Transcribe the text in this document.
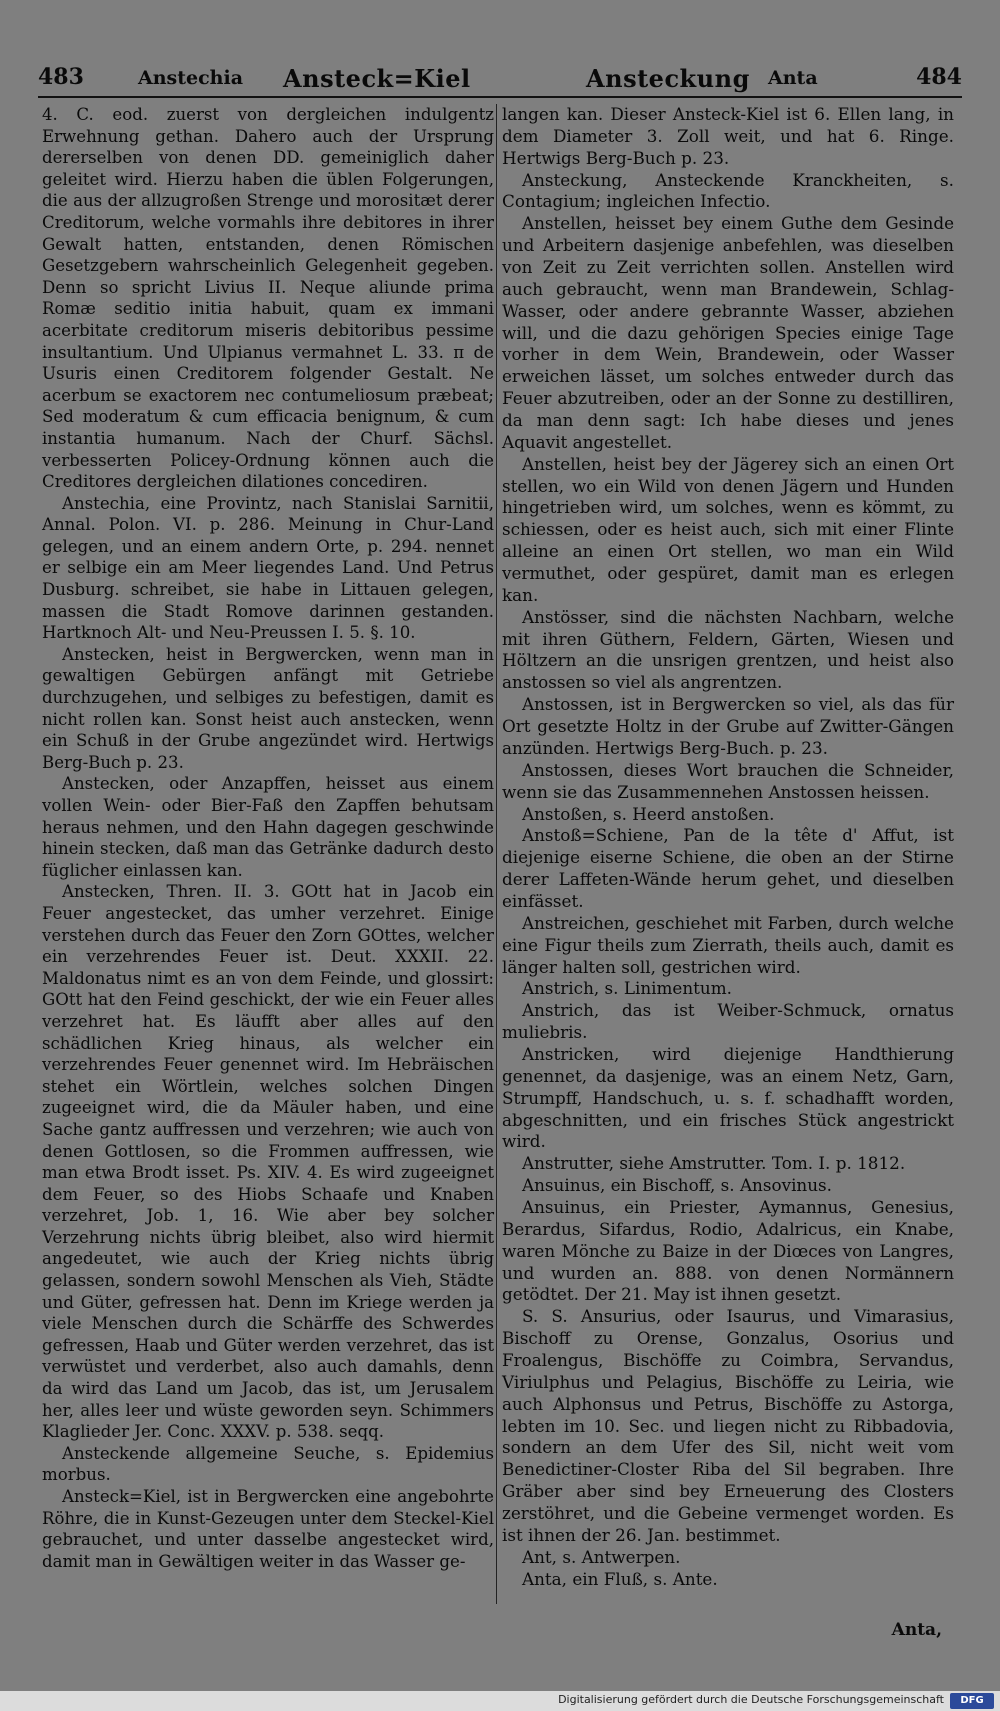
483	Anstechia Ansteck=Kiel	Ansteckung Anta	484

4. C. eod. zuerst von dergleichen indulgentz Erwehnung gethan. Dahero auch der Ursprung dererselben von denen DD. gemeiniglich daher geleitet wird. Hierzu haben die üblen Folgerungen, die aus der allzugroßen Strenge und morositæt derer Creditorum, welche vormahls ihre debitores in ihrer Gewalt hatten, entstanden, denen Römischen Gesetzgebern wahrscheinlich Gelegenheit gegeben. Denn so spricht Livius II. Neque aliunde prima Romæ seditio initia habuit, quam ex immani acerbitate creditorum miseris debitoribus pessime insultantium. Und Ulpianus vermahnet L. 33. π de Usuris einen Creditorem folgender Gestalt. Ne acerbum se exactorem nec contumeliosum præbeat; Sed moderatum & cum efficacia benignum, & cum instantia humanum. Nach der Churf. Sächsl. verbesserten Policey-Ordnung können auch die Creditores dergleichen dilationes concediren.

Anstechia, eine Provintz, nach Stanislai Sarnitii, Annal. Polon. VI. p. 286. Meinung in Chur-Land gelegen, und an einem andern Orte, p. 294. nennet er selbige ein am Meer liegendes Land. Und Petrus Dusburg. schreibet, sie habe in Littauen gelegen, massen die Stadt Romove darinnen gestanden. Hartknoch Alt- und Neu-Preussen I. 5. §. 10.

Anstecken, heist in Bergwercken, wenn man in gewaltigen Gebürgen anfängt mit Getriebe durchzugehen, und selbiges zu befestigen, damit es nicht rollen kan. Sonst heist auch anstecken, wenn ein Schuß in der Grube angezündet wird. Hertwigs Berg-Buch p. 23.

Anstecken, oder Anzapffen, heisset aus einem vollen Wein- oder Bier-Faß den Zapffen behutsam heraus nehmen, und den Hahn dagegen geschwinde hinein stecken, daß man das Getränke dadurch desto füglicher einlassen kan.

Anstecken, Thren. II. 3. GOtt hat in Jacob ein Feuer angestecket, das umher verzehret. Einige verstehen durch das Feuer den Zorn GOttes, welcher ein verzehrendes Feuer ist. Deut. XXXII. 22. Maldonatus nimt es an von dem Feinde, und glossirt: GOtt hat den Feind geschickt, der wie ein Feuer alles verzehret hat. Es läufft aber alles auf den schädlichen Krieg hinaus, als welcher ein verzehrendes Feuer genennet wird. Im Hebräischen stehet ein Wörtlein, welches solchen Dingen zugeeignet wird, die da Mäuler haben, und eine Sache gantz auffressen und verzehren; wie auch von denen Gottlosen, so die Frommen auffressen, wie man etwa Brodt isset. Ps. XIV. 4. Es wird zugeeignet dem Feuer, so des Hiobs Schaafe und Knaben verzehret, Job. 1, 16. Wie aber bey solcher Verzehrung nichts übrig bleibet, also wird hiermit angedeutet, wie auch der Krieg nichts übrig gelassen, sondern sowohl Menschen als Vieh, Städte und Güter, gefressen hat. Denn im Kriege werden ja viele Menschen durch die Schärffe des Schwerdes gefressen, Haab und Güter werden verzehret, das ist verwüstet und verderbet, also auch damahls, denn da wird das Land um Jacob, das ist, um Jerusalem her, alles leer und wüste geworden seyn. Schimmers Klaglieder Jer. Conc. XXXV. p. 538. seqq.

Ansteckende allgemeine Seuche, s. Epidemius morbus.

Ansteck=Kiel, ist in Bergwercken eine angebohrte Röhre, die in Kunst-Gezeugen unter dem Steckel-Kiel gebrauchet, und unter dasselbe angestecket wird, damit man in Gewältigen weiter in das Wasser ge-

langen kan. Dieser Ansteck-Kiel ist 6. Ellen lang, in dem Diameter 3. Zoll weit, und hat 6. Ringe. Hertwigs Berg-Buch p. 23.

Ansteckung, Ansteckende Kranckheiten, s. Contagium; ingleichen Infectio.

Anstellen, heisset bey einem Guthe dem Gesinde und Arbeitern dasjenige anbefehlen, was dieselben von Zeit zu Zeit verrichten sollen. Anstellen wird auch gebraucht, wenn man Brandewein, Schlag-Wasser, oder andere gebrannte Wasser, abziehen will, und die dazu gehörigen Species einige Tage vorher in dem Wein, Brandewein, oder Wasser erweichen lässet, um solches entweder durch das Feuer abzutreiben, oder an der Sonne zu destilliren, da man denn sagt: Ich habe dieses und jenes Aquavit angestellet.

Anstellen, heist bey der Jägerey sich an einen Ort stellen, wo ein Wild von denen Jägern und Hunden hingetrieben wird, um solches, wenn es kömmt, zu schiessen, oder es heist auch, sich mit einer Flinte alleine an einen Ort stellen, wo man ein Wild vermuthet, oder gespüret, damit man es erlegen kan.

Anstösser, sind die nächsten Nachbarn, welche mit ihren Güthern, Feldern, Gärten, Wiesen und Höltzern an die unsrigen grentzen, und heist also anstossen so viel als angrentzen.

Anstossen, ist in Bergwercken so viel, als das für Ort gesetzte Holtz in der Grube auf Zwitter-Gängen anzünden. Hertwigs Berg-Buch. p. 23.

Anstossen, dieses Wort brauchen die Schneider, wenn sie das Zusammennehen Anstossen heissen.

Anstoßen, s. Heerd anstoßen.

Anstoß=Schiene, Pan de la tête d' Affut, ist diejenige eiserne Schiene, die oben an der Stirne derer Laffeten-Wände herum gehet, und dieselben einfässet.

Anstreichen, geschiehet mit Farben, durch welche eine Figur theils zum Zierrath, theils auch, damit es länger halten soll, gestrichen wird.

Anstrich, s. Linimentum.

Anstrich, das ist Weiber-Schmuck, ornatus muliebris.

Anstricken, wird diejenige Handthierung genennet, da dasjenige, was an einem Netz, Garn, Strumpff, Handschuch, u. s. f. schadhafft worden, abgeschnitten, und ein frisches Stück angestrickt wird.

Anstrutter, siehe Amstrutter. Tom. I. p. 1812.

Ansuinus, ein Bischoff, s. Ansovinus.

Ansuinus, ein Priester, Aymannus, Genesius, Berardus, Sifardus, Rodio, Adalricus, ein Knabe, waren Mönche zu Baize in der Diœces von Langres, und wurden an. 888. von denen Normännern getödtet. Der 21. May ist ihnen gesetzt.

S. S. Ansurius, oder Isaurus, und Vimarasius, Bischoff zu Orense, Gonzalus, Osorius und Froalengus, Bischöffe zu Coimbra, Servandus, Viriulphus und Pelagius, Bischöffe zu Leiria, wie auch Alphonsus und Petrus, Bischöffe zu Astorga, lebten im 10. Sec. und liegen nicht zu Ribbadovia, sondern an dem Ufer des Sil, nicht weit vom Benedictiner-Closter Riba del Sil begraben. Ihre Gräber aber sind bey Erneuerung des Closters zerstöhret, und die Gebeine vermenget worden. Es ist ihnen der 26. Jan. bestimmet.

Ant, s. Antwerpen.

Anta, ein Fluß, s. Ante.

Anta,
Digitalisierung gefördert durch die Deutsche Forschungsgemeinschaft	DFG
